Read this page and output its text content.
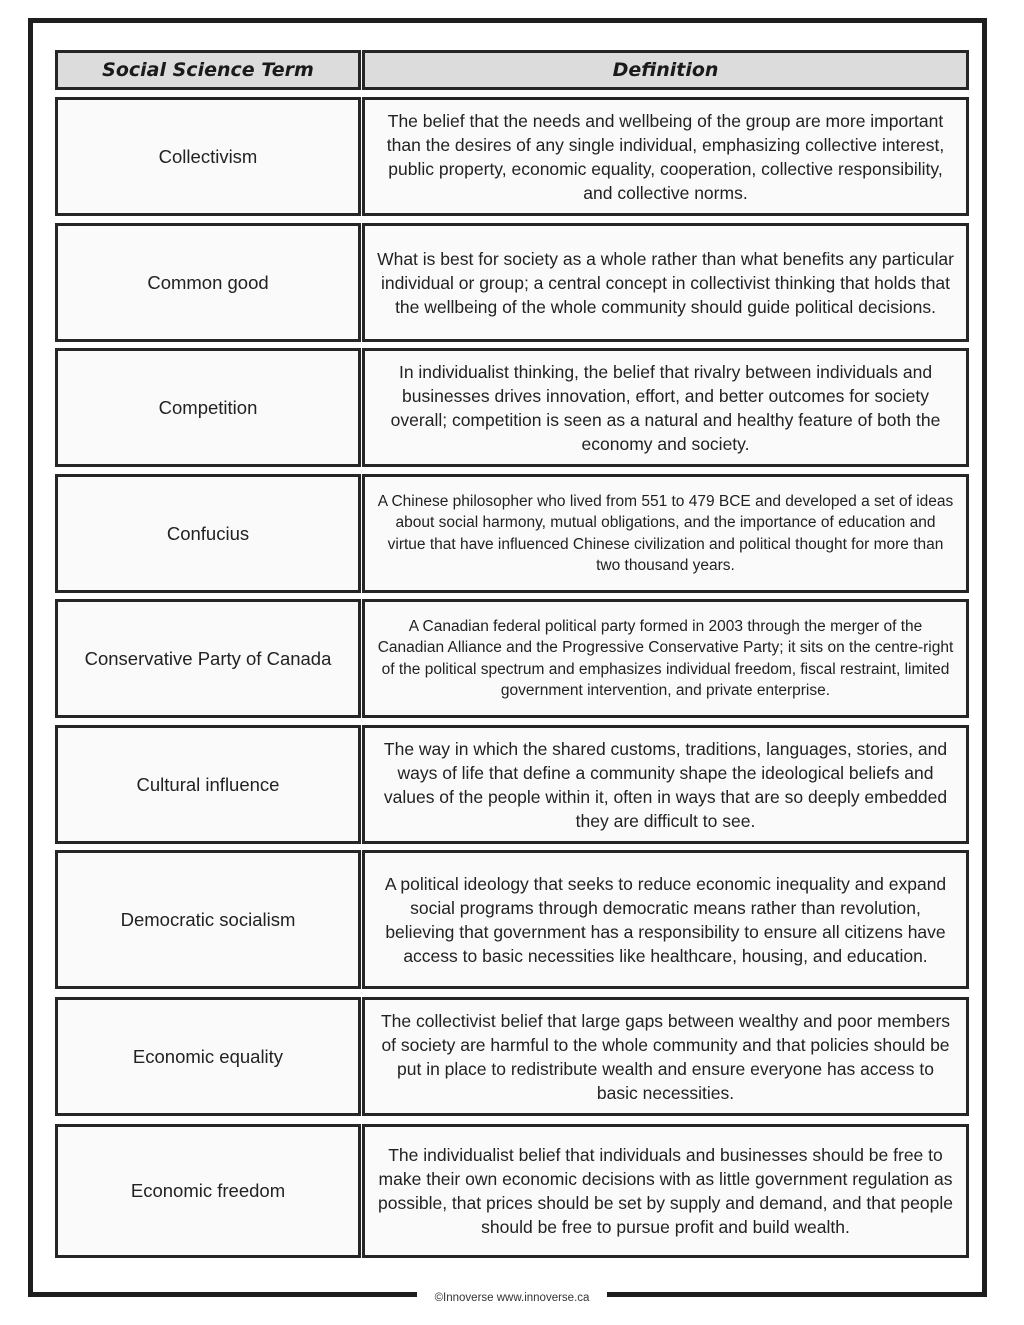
Social Science Term	Definition
Collectivism
The belief that the needs and wellbeing of the group are more important than the desires of any single individual, emphasizing collective interest, public property, economic equality, cooperation, collective responsibility, and collective norms.
Common good
What is best for society as a whole rather than what benefits any particular individual or group; a central concept in collectivist thinking that holds that the wellbeing of the whole community should guide political decisions.
Competition
In individualist thinking, the belief that rivalry between individuals and businesses drives innovation, effort, and better outcomes for society overall; competition is seen as a natural and healthy feature of both the economy and society.
Confucius
A Chinese philosopher who lived from 551 to 479 BCE and developed a set of ideas about social harmony, mutual obligations, and the importance of education and virtue that have influenced Chinese civilization and political thought for more than two thousand years.
Conservative Party of Canada
A Canadian federal political party formed in 2003 through the merger of the Canadian Alliance and the Progressive Conservative Party; it sits on the centre-right of the political spectrum and emphasizes individual freedom, fiscal restraint, limited government intervention, and private enterprise.
Cultural influence
The way in which the shared customs, traditions, languages, stories, and ways of life that define a community shape the ideological beliefs and values of the people within it, often in ways that are so deeply embedded they are difficult to see.
Democratic socialism
A political ideology that seeks to reduce economic inequality and expand social programs through democratic means rather than revolution, believing that government has a responsibility to ensure all citizens have access to basic necessities like healthcare, housing, and education.
Economic equality
The collectivist belief that large gaps between wealthy and poor members of society are harmful to the whole community and that policies should be put in place to redistribute wealth and ensure everyone has access to basic necessities.
Economic freedom
The individualist belief that individuals and businesses should be free to make their own economic decisions with as little government regulation as possible, that prices should be set by supply and demand, and that people should be free to pursue profit and build wealth.
©Innoverse www.innoverse.ca
